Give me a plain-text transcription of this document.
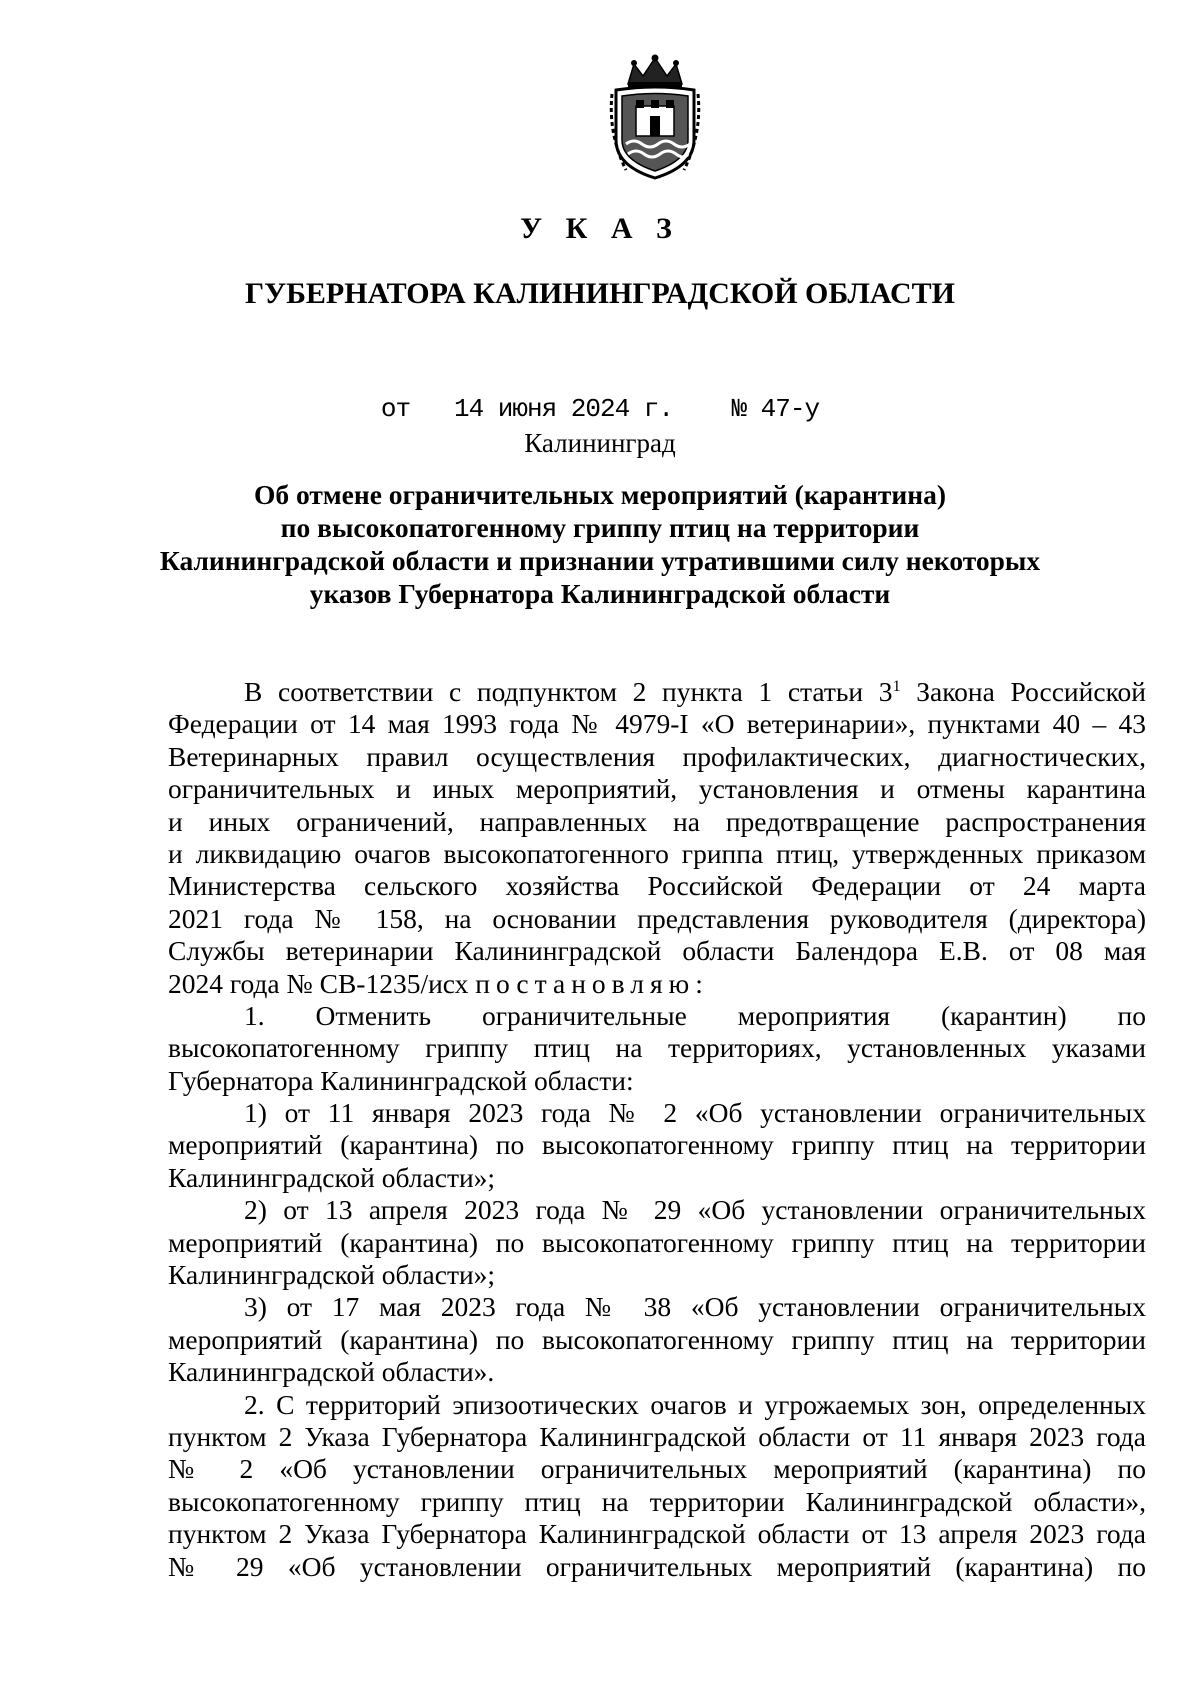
У К А З
ГУБЕРНАТОРА КАЛИНИНГРАДСКОЙ ОБЛАСТИ
от 14 июня 2024 г. № 47-у
Калининград
Об отмене ограничительных мероприятий (карантина)
по высокопатогенному гриппу птиц на территории
Калининградской области и признании утратившими силу некоторых
указов Губернатора Калининградской области
В соответствии с подпунктом 2 пункта 1 статьи $3^1$ Закона Российской
Федерации от 14 мая 1993 года № 4979-I «О ветеринарии», пунктами 40 – 43
Ветеринарных правил осуществления профилактических, диагностических,
ограничительных и иных мероприятий, установления и отмены карантина
и иных ограничений, направленных на предотвращение распространения
и ликвидацию очагов высокопатогенного гриппа птиц, утвержденных приказом
Министерства сельского хозяйства Российской Федерации от 24 марта
2021 года № 158, на основании представления руководителя (директора)
Службы ветеринарии Калининградской области Балендора Е.В. от 08 мая
2024 года № СВ-1235/исх постановляю:
1. Отменить ограничительные мероприятия (карантин) по
высокопатогенному гриппу птиц на территориях, установленных указами
Губернатора Калининградской области:
1) от 11 января 2023 года № 2 «Об установлении ограничительных
мероприятий (карантина) по высокопатогенному гриппу птиц на территории
Калининградской области»;
2) от 13 апреля 2023 года № 29 «Об установлении ограничительных
мероприятий (карантина) по высокопатогенному гриппу птиц на территории
Калининградской области»;
3) от 17 мая 2023 года № 38 «Об установлении ограничительных
мероприятий (карантина) по высокопатогенному гриппу птиц на территории
Калининградской области».
2. С территорий эпизоотических очагов и угрожаемых зон, определенных
пунктом 2 Указа Губернатора Калининградской области от 11 января 2023 года
№ 2 «Об установлении ограничительных мероприятий (карантина) по
высокопатогенному гриппу птиц на территории Калининградской области»,
пунктом 2 Указа Губернатора Калининградской области от 13 апреля 2023 года
№ 29 «Об установлении ограничительных мероприятий (карантина) по
